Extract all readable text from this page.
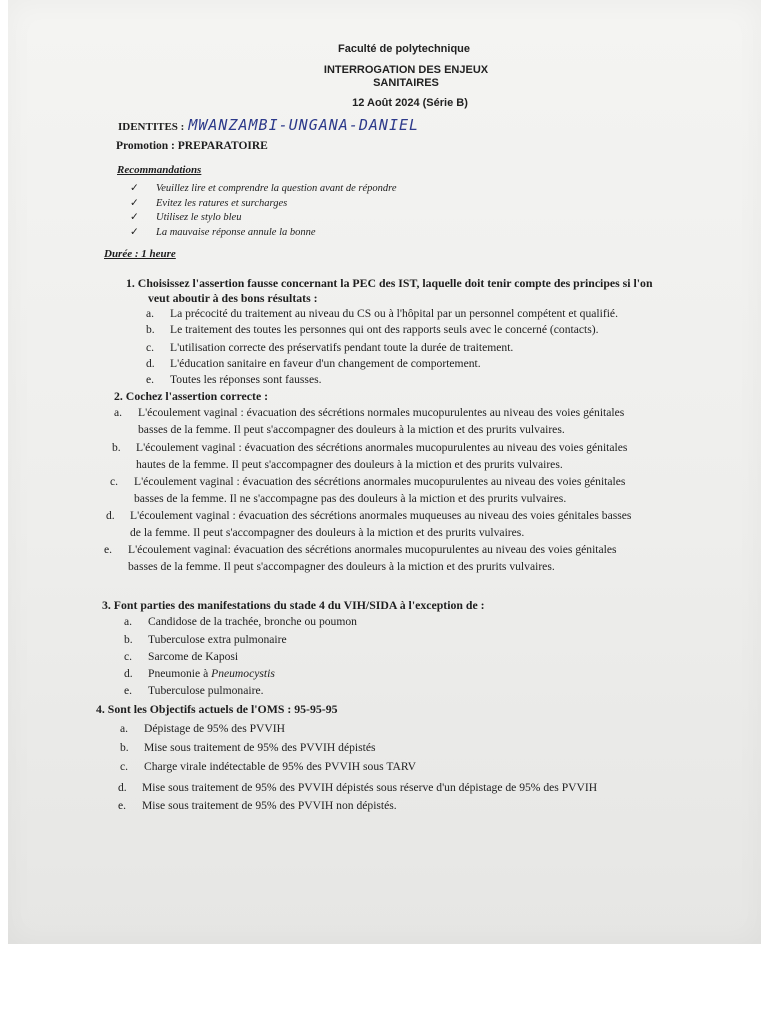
Faculté de polytechnique
INTERROGATION DES ENJEUX
SANITAIRES
12 Août 2024 (Série B)
IDENTITES : MWANZAMBI-UNGANA-DANIEL
Promotion : PREPARATOIRE
Recommandations
✓ Veuillez lire et comprendre la question avant de répondre
✓ Evitez les ratures et surcharges
✓ Utilisez le stylo bleu
✓ La mauvaise réponse annule la bonne
Durée : 1 heure
1. Choisissez l'assertion fausse concernant la PEC des IST, laquelle doit tenir compte des principes si l'on
veut aboutir à des bons résultats :
a. La précocité du traitement au niveau du CS ou à l'hôpital par un personnel compétent et qualifié.
b. Le traitement des toutes les personnes qui ont des rapports seuls avec le concerné (contacts).
c. L'utilisation correcte des préservatifs pendant toute la durée de traitement.
d. L'éducation sanitaire en faveur d'un changement de comportement.
e. Toutes les réponses sont fausses.
2. Cochez l'assertion correcte :
a. L'écoulement vaginal : évacuation des sécrétions normales mucopurulentes au niveau des voies génitales
basses de la femme. Il peut s'accompagner des douleurs à la miction et des prurits vulvaires.
b. L'écoulement vaginal : évacuation des sécrétions anormales mucopurulentes au niveau des voies génitales
hautes de la femme. Il peut s'accompagner des douleurs à la miction et des prurits vulvaires.
c. L'écoulement vaginal : évacuation des sécrétions anormales mucopurulentes au niveau des voies génitales
basses de la femme. Il ne s'accompagne pas des douleurs à la miction et des prurits vulvaires.
d. L'écoulement vaginal : évacuation des sécrétions anormales muqueuses au niveau des voies génitales basses
de la femme. Il peut s'accompagner des douleurs à la miction et des prurits vulvaires.
e. L'écoulement vaginal: évacuation des sécrétions anormales mucopurulentes au niveau des voies génitales
basses de la femme. Il peut s'accompagner des douleurs à la miction et des prurits vulvaires.
3. Font parties des manifestations du stade 4 du VIH/SIDA à l'exception de :
a. Candidose de la trachée, bronche ou poumon
b. Tuberculose extra pulmonaire
c. Sarcome de Kaposi
d. Pneumonie à Pneumocystis
e. Tuberculose pulmonaire.
4. Sont les Objectifs actuels de l'OMS : 95-95-95
a. Dépistage de 95% des PVVIH
b. Mise sous traitement de 95% des PVVIH dépistés
c. Charge virale indétectable de 95% des PVVIH sous TARV
d. Mise sous traitement de 95% des PVVIH dépistés sous réserve d'un dépistage de 95% des PVVIH
e. Mise sous traitement de 95% des PVVIH non dépistés.
